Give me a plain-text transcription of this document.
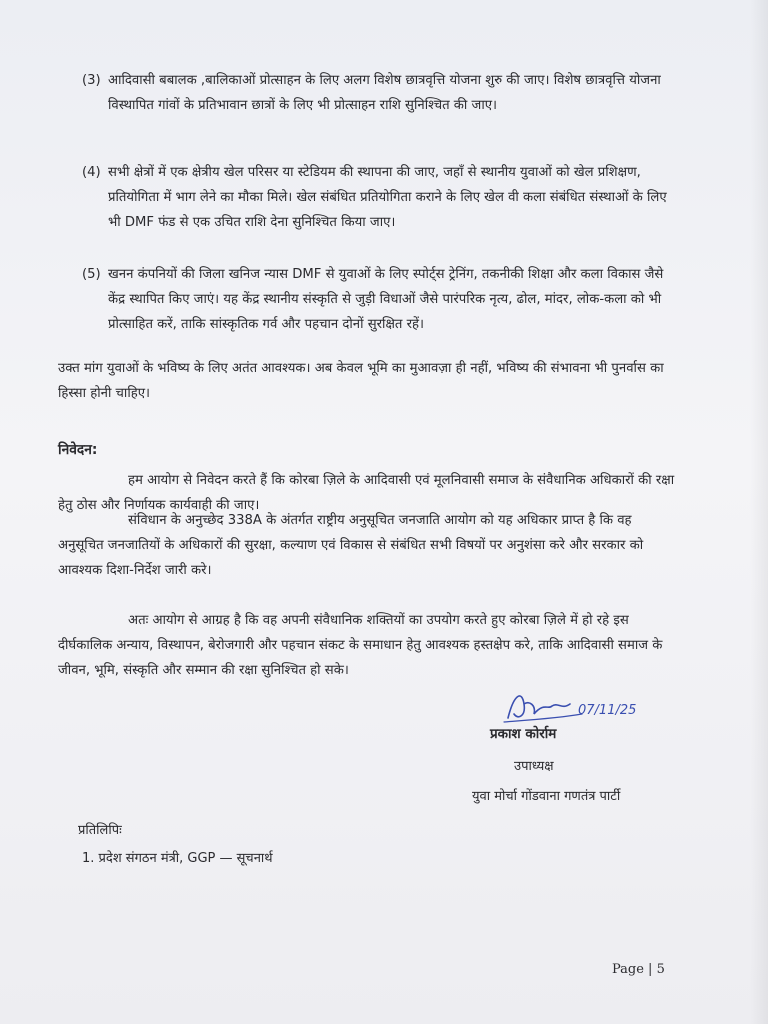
(3) आदिवासी बबालक ,बालिकाओं प्रोत्साहन के लिए अलग विशेष छात्रवृत्ति योजना शुरु की जाए। विशेष छात्रवृत्ति योजना विस्थापित गांवों के प्रतिभावान छात्रों के लिए भी प्रोत्साहन राशि सुनिश्चित की जाए।
(4) सभी क्षेत्रों में एक क्षेत्रीय खेल परिसर या स्टेडियम की स्थापना की जाए, जहाँ से स्थानीय युवाओं को खेल प्रशिक्षण, प्रतियोगिता में भाग लेने का मौका मिले। खेल संबंधित प्रतियोगिता कराने के लिए खेल वी कला संबंधित संस्थाओं के लिए भी DMF फंड से एक उचित राशि देना सुनिश्चित किया जाए।
(5) खनन कंपनियों की जिला खनिज न्यास DMF से युवाओं के लिए स्पोर्ट्स ट्रेनिंग, तकनीकी शिक्षा और कला विकास जैसे केंद्र स्थापित किए जाएं। यह केंद्र स्थानीय संस्कृति से जुड़ी विधाओं जैसे पारंपरिक नृत्य, ढोल, मांदर, लोक-कला को भी प्रोत्साहित करें, ताकि सांस्कृतिक गर्व और पहचान दोनों सुरक्षित रहें।
उक्त मांग युवाओं के भविष्य के लिए अतंत आवश्यक। अब केवल भूमि का मुआवज़ा ही नहीं, भविष्य की संभावना भी पुनर्वास का हिस्सा होनी चाहिए।
निवेदन:
हम आयोग से निवेदन करते हैं कि कोरबा ज़िले के आदिवासी एवं मूलनिवासी समाज के संवैधानिक अधिकारों की रक्षा हेतु ठोस और निर्णायक कार्यवाही की जाए।
संविधान के अनुच्छेद 338A के अंतर्गत राष्ट्रीय अनुसूचित जनजाति आयोग को यह अधिकार प्राप्त है कि वह अनुसूचित जनजातियों के अधिकारों की सुरक्षा, कल्याण एवं विकास से संबंधित सभी विषयों पर अनुशंसा करे और सरकार को आवश्यक दिशा-निर्देश जारी करे।
अतः आयोग से आग्रह है कि वह अपनी संवैधानिक शक्तियों का उपयोग करते हुए कोरबा ज़िले में हो रहे इस दीर्घकालिक अन्याय, विस्थापन, बेरोजगारी और पहचान संकट के समाधान हेतु आवश्यक हस्तक्षेप करे, ताकि आदिवासी समाज के जीवन, भूमि, संस्कृति और सम्मान की रक्षा सुनिश्चित हो सके।
07/11/25
प्रकाश कोर्राम
उपाध्यक्ष
युवा मोर्चा गोंडवाना गणतंत्र पार्टी
प्रतिलिपिः
1. प्रदेश संगठन मंत्री, GGP — सूचनार्थ
Page | 5
